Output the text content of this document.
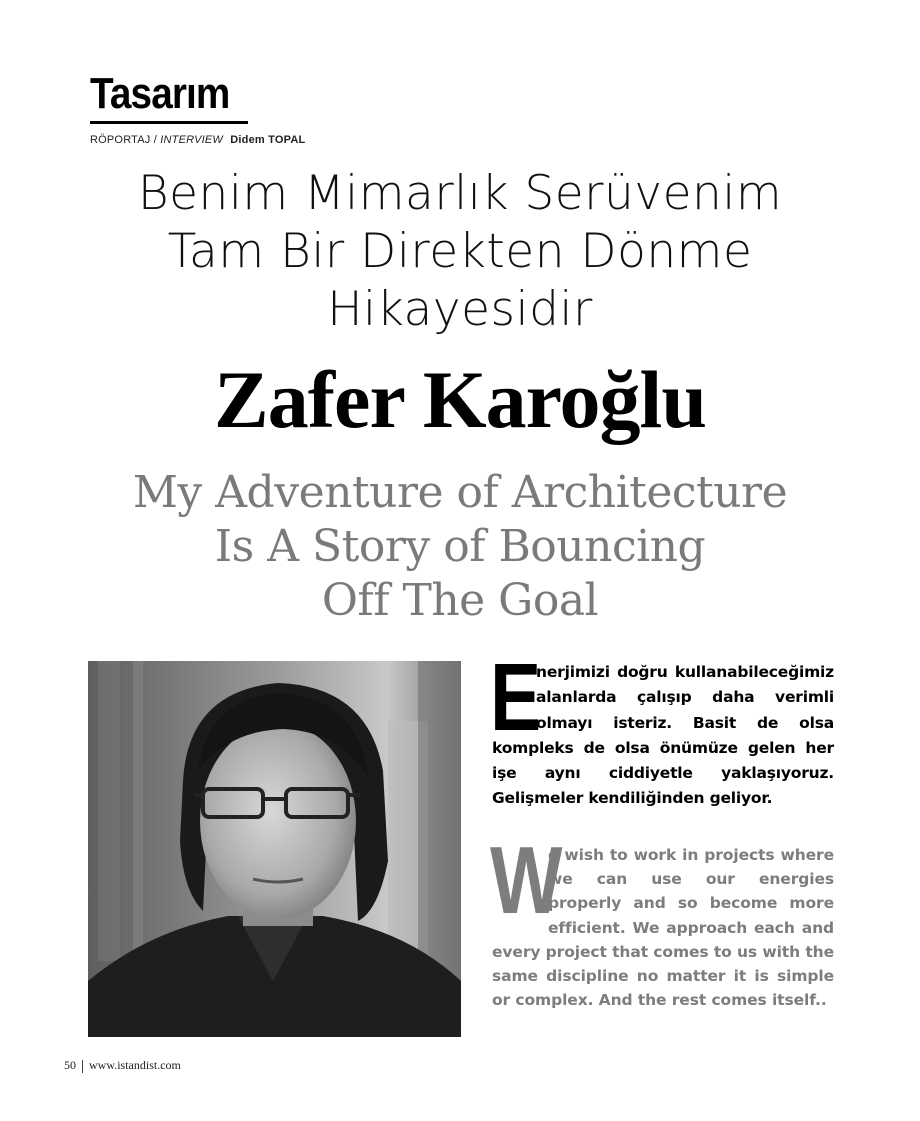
Tasarım
RÖPORTAJ / INTERVIEW Didem TOPAL
Benim Mimarlık Serüvenim
Tam Bir Direkten Dönme
Hikayesidir
Zafer Karoğlu
My Adventure of Architecture
Is A Story of Bouncing
Off The Goal
E
nerjimizi doğru kullanabileceğimiz alanlarda çalışıp daha verimli olmayı isteriz. Basit de olsa kompleks de olsa önümüze gelen her işe aynı ciddiyetle yaklaşıyoruz. Gelişmeler kendiliğinden geliyor.
W
e wish to work in projects where we can use our energies properly and so become more efficient. We approach each and every project that comes to us with the same discipline no matter it is simple or complex. And the rest comes itself..
50 www.istandist.com
